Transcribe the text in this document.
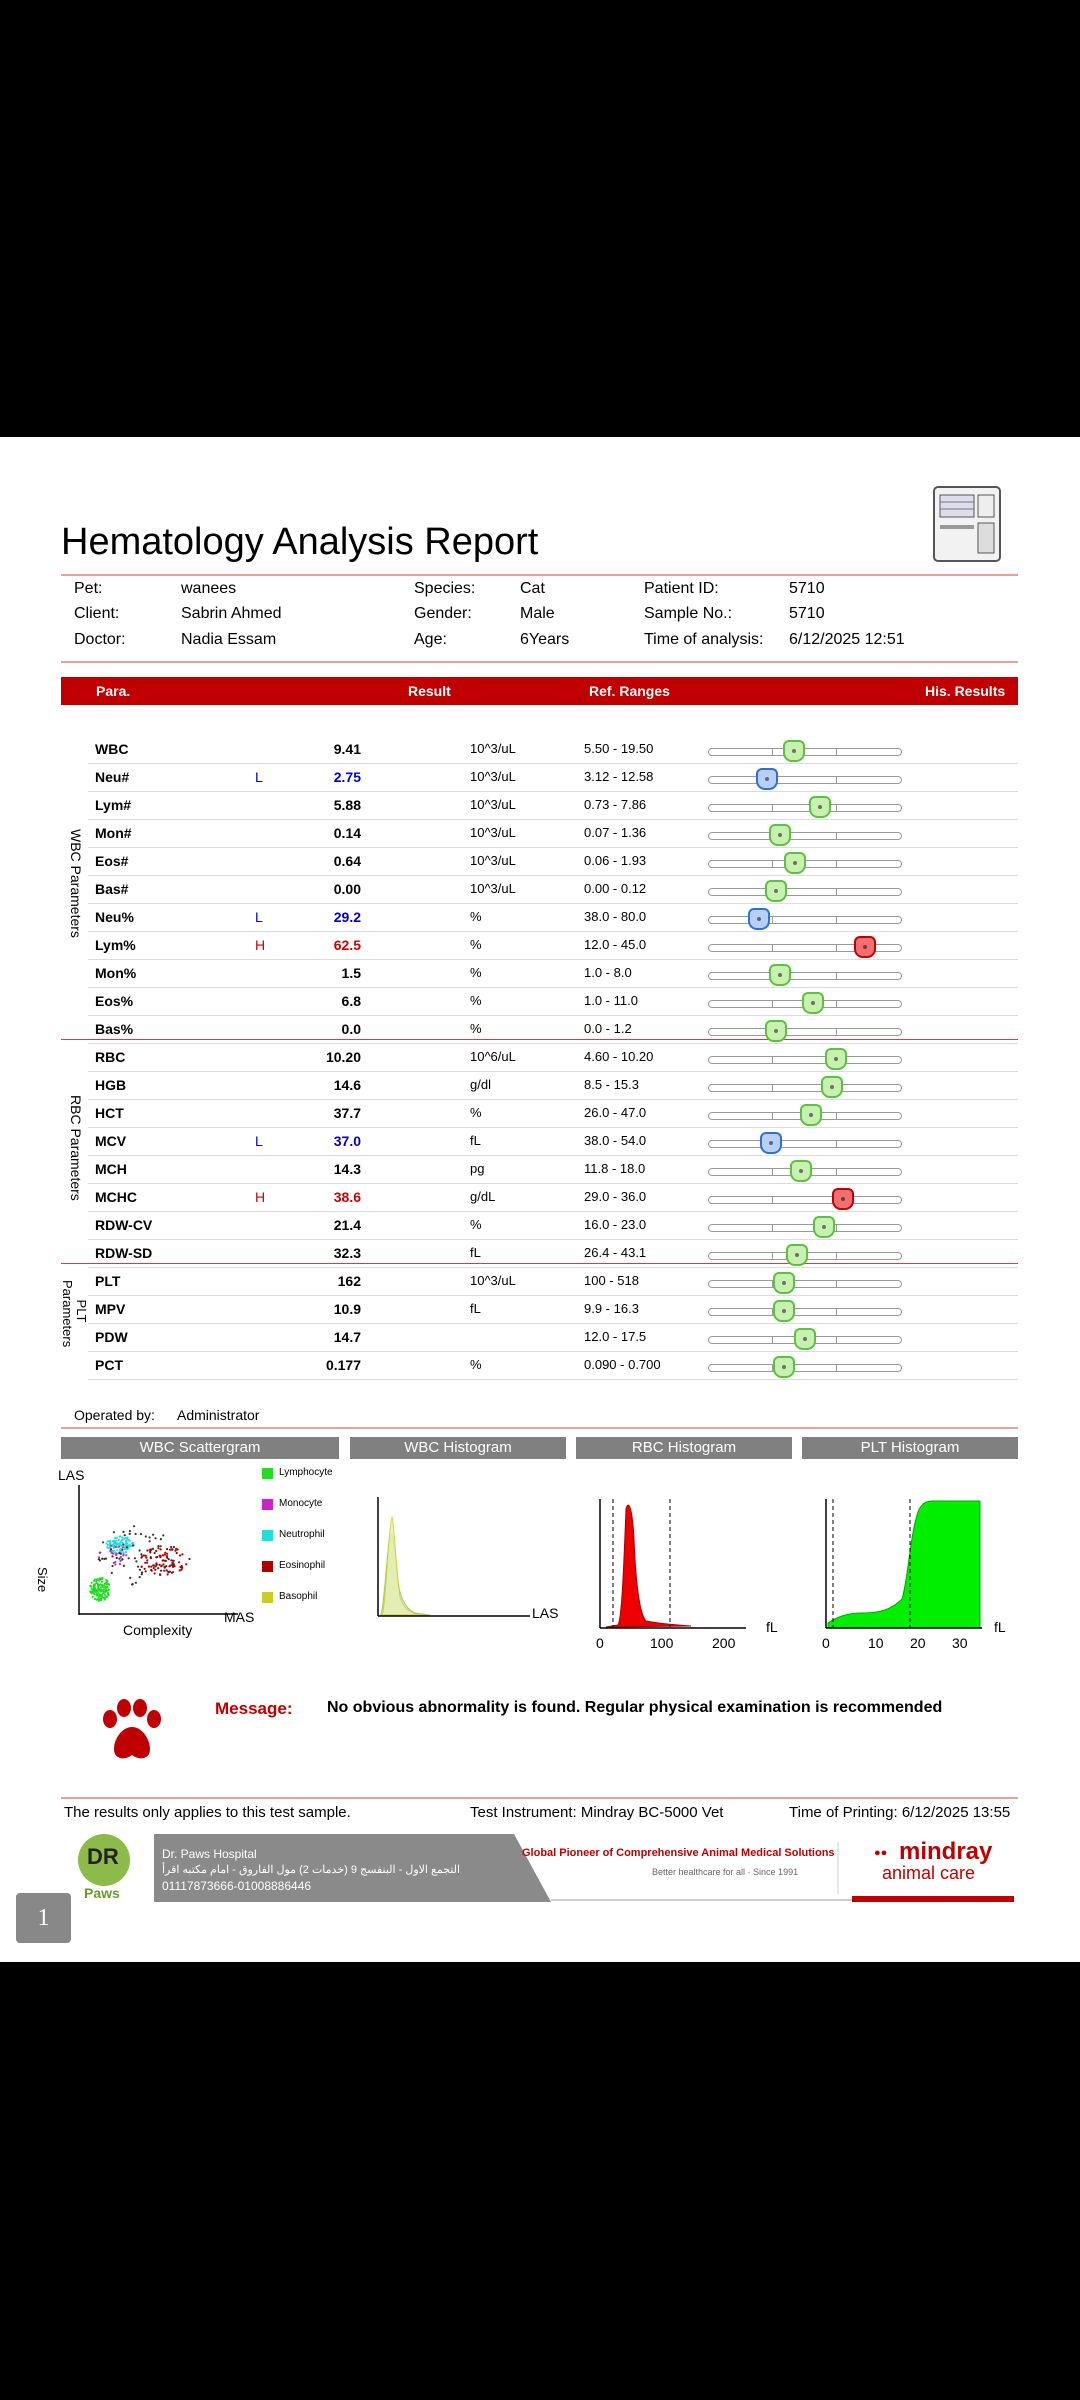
Hematology Analysis Report
Pet:	wanees
Client:	Sabrin Ahmed
Doctor:	Nadia Essam
Species:	Cat
Gender:	Male
Age:	6Years
Patient ID:	5710
Sample No.:	5710
Time of analysis: 6/12/2025 12:51
Para.	Result	Ref. Ranges	His. Results
WBC Parameters
RBC Parameters
PLT Parameters
WBC	9.41	10^3/uL	5.50 - 19.50
Neu#	L	2.75	10^3/uL	3.12 - 12.58
Lym#	5.88	10^3/uL	0.73 - 7.86
Mon#	0.14	10^3/uL	0.07 - 1.36
Eos#	0.64	10^3/uL	0.06 - 1.93
Bas#	0.00	10^3/uL	0.00 - 0.12
Neu%	L	29.2	%	38.0 - 80.0
Lym%	H	62.5	%	12.0 - 45.0
Mon%	1.5	%	1.0 - 8.0
Eos%	6.8	%	1.0 - 11.0
Bas%	0.0	%	0.0 - 1.2
RBC	10.20	10^6/uL	4.60 - 10.20
HGB	14.6	g/dl	8.5 - 15.3
HCT	37.7	%	26.0 - 47.0
MCV	L	37.0	fL	38.0 - 54.0
MCH	14.3	pg	11.8 - 18.0
MCHC	H	38.6	g/dL	29.0 - 36.0
RDW-CV	21.4	%	16.0 - 23.0
RDW-SD	32.3	fL	26.4 - 43.1
PLT	162	10^3/uL	100 - 518
MPV	10.9	fL	9.9 - 16.3
PDW	14.7	12.0 - 17.5
PCT	0.177	%	0.090 - 0.700
Operated by: Administrator
WBC Scattergram	WBC Histogram	RBC Histogram	PLT Histogram
LAS
Size
Complexity
MAS
Lymphocyte
Monocyte
Neutrophil
Eosinophil
Basophil
LAS
0	100	200
fL
0	10 20 30
fL
Message: No obvious abnormality is found. Regular physical examination is recommended
The results only applies to this test sample.	Test Instrument: Mindray BC-5000 Vet	Time of Printing: 6/12/2025 13:55
DR
Paws
Dr. Paws Hospital
التجمع الاول - البنفسج 9 (خدمات 2) مول الفاروق - امام مكتبه اقرأ
01117873666-01008886446
Global Pioneer of Comprehensive Animal Medical Solutions
Better healthcare for all · Since 1991
●● mindray
animal care
1
